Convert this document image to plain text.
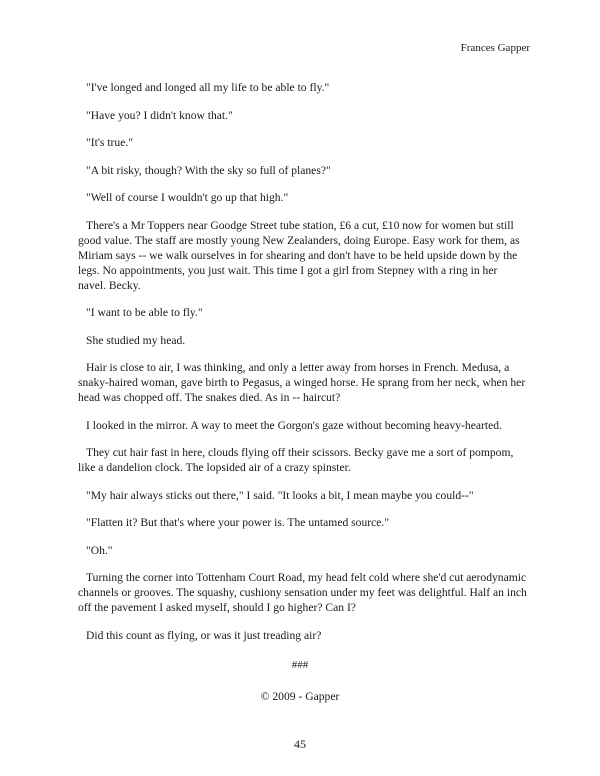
Frances Gapper

"I've longed and longed all my life to be able to fly."

"Have you? I didn't know that."

"It's true."

"A bit risky, though? With the sky so full of planes?"

"Well of course I wouldn't go up that high."

There's a Mr Toppers near Goodge Street tube station, £6 a cut, £10 now for women but still good value. The staff are mostly young New Zealanders, doing Europe. Easy work for them, as Miriam says -- we walk ourselves in for shearing and don't have to be held upside down by the legs. No appointments, you just wait. This time I got a girl from Stepney with a ring in her navel. Becky.

"I want to be able to fly."

She studied my head.

Hair is close to air, I was thinking, and only a letter away from horses in French. Medusa, a snaky-haired woman, gave birth to Pegasus, a winged horse. He sprang from her neck, when her head was chopped off. The snakes died. As in -- haircut?

I looked in the mirror. A way to meet the Gorgon's gaze without becoming heavy-hearted.

They cut hair fast in here, clouds flying off their scissors. Becky gave me a sort of pompom, like a dandelion clock. The lopsided air of a crazy spinster.

"My hair always sticks out there," I said. "It looks a bit, I mean maybe you could--"

"Flatten it? But that's where your power is. The untamed source."

"Oh."

Turning the corner into Tottenham Court Road, my head felt cold where she'd cut aerodynamic channels or grooves. The squashy, cushiony sensation under my feet was delightful. Half an inch off the pavement I asked myself, should I go higher? Can I?

Did this count as flying, or was it just treading air?

###
© 2009 - Gapper
45
